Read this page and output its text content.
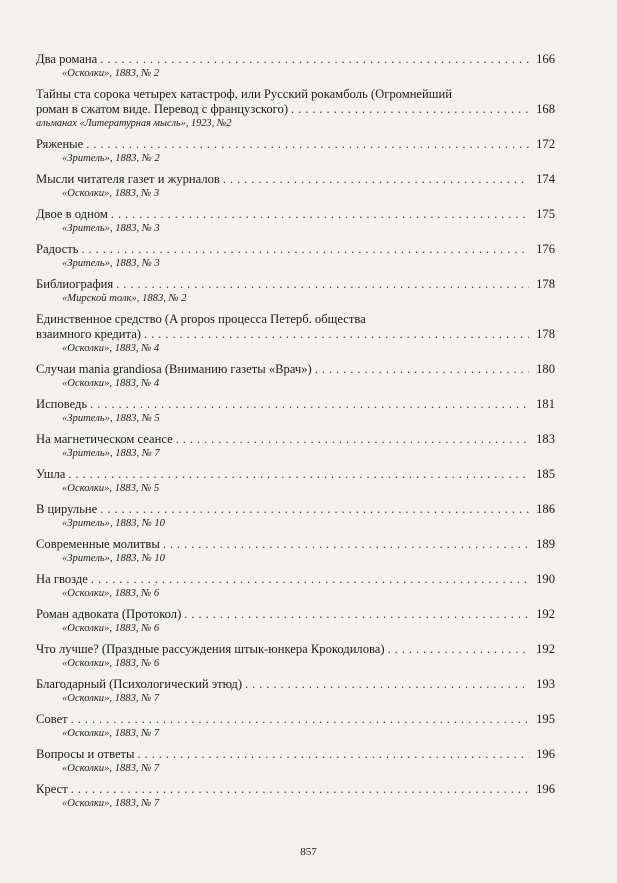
Два романа . . .	166
«Осколки», 1883, № 2
Тайны ста сорока четырех катастроф, или Русский рокамболь (Огромнейший
роман в сжатом виде. Перевод с французского) . . .	168
альманах «Литературная мысль», 1923, №2
Ряженые . . .	172
«Зритель», 1883, № 2
Мысли читателя газет и журналов . . .	174
«Осколки», 1883, № 3
Двое в одном . . .	175
«Зритель», 1883, № 3
Радость . . .	176
«Зритель», 1883, № 3
Библиография . . .	178
«Мирской толк», 1883, № 2
Единственное средство (A propos процесса Петерб. общества
взаимного кредита) . . .	178
«Осколки», 1883, № 4
Случаи mania grandiosa (Вниманию газеты «Врач») . . .	180
«Осколки», 1883, № 4
Исповедь . . .	181
«Зритель», 1883, № 5
На магнетическом сеансе . . .	183
«Зритель», 1883, № 7
Ушла . . .	185
«Осколки», 1883, № 5
В цирульне . . .	186
«Зритель», 1883, № 10
Современные молитвы . . .	189
«Зритель», 1883, № 10
На гвозде . . .	190
«Осколки», 1883, № 6
Роман адвоката (Протокол) . . .	192
«Осколки», 1883, № 6
Что лучше? (Праздные рассуждения штык-юнкера Крокодилова) . . .	192
«Осколки», 1883, № 6
Благодарный (Психологический этюд) . . .	193
«Осколки», 1883, № 7
Совет . . .	195
«Осколки», 1883, № 7
Вопросы и ответы . . .	196
«Осколки», 1883, № 7
Крест . . .	196
«Осколки», 1883, № 7
857
